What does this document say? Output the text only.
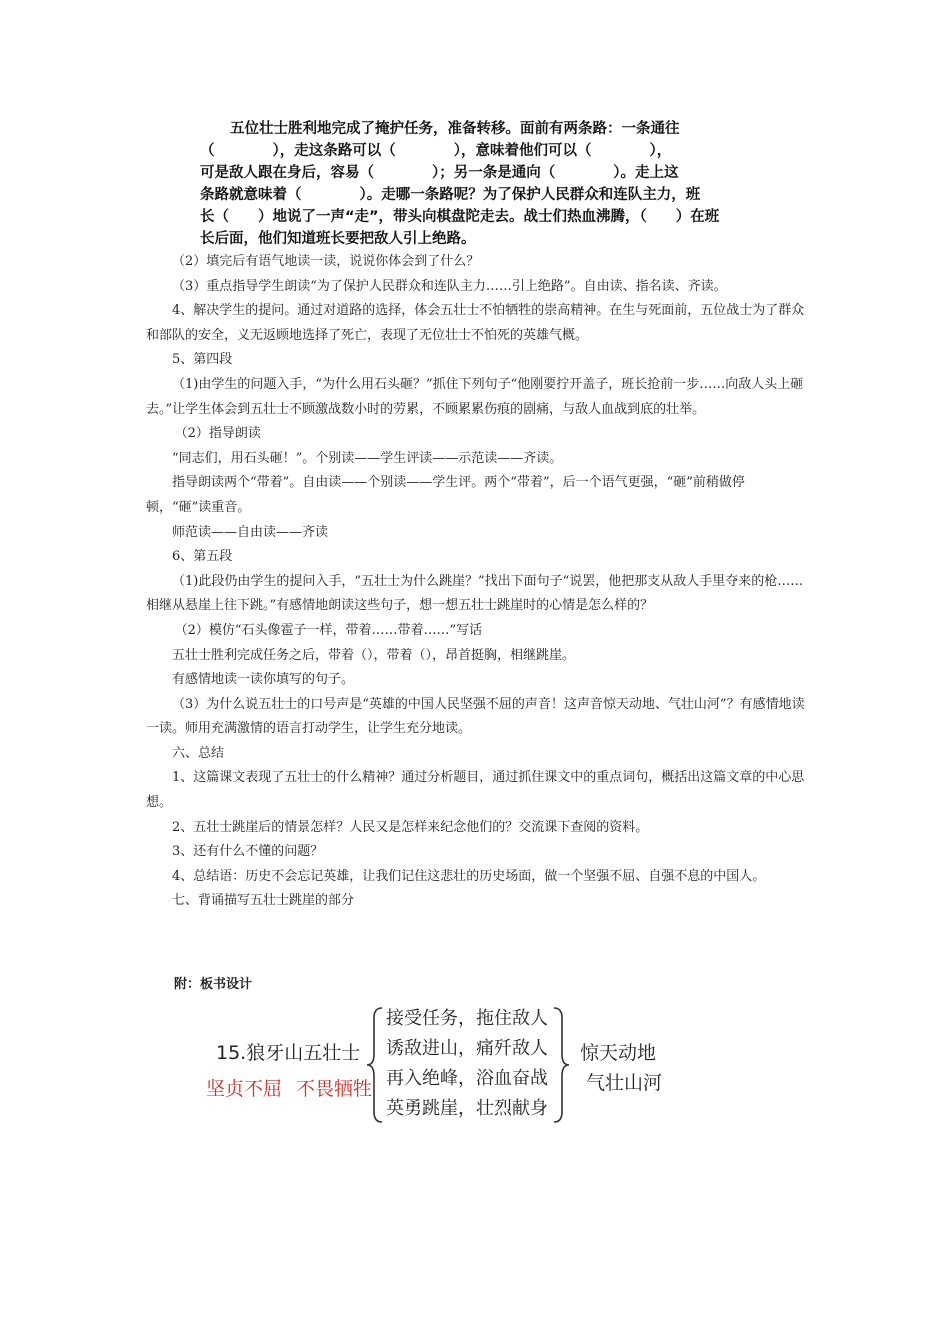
五位壮士胜利地完成了掩护任务，准备转移。面前有两条路：一条通往
（　　　　），走这条路可以（　　　　），意味着他们可以（　　　　），
可是敌人跟在身后，容易（　　　　）；另一条是通向（　　　　）。走上这
条路就意味着（　　　　）。走哪一条路呢？为了保护人民群众和连队主力，班
长（　　）地说了一声“走”，带头向棋盘陀走去。战士们热血沸腾，（　　）在班
长后面，他们知道班长要把敌人引上绝路。

（2）填完后有语气地读一读，说说你体会到了什么？

（3）重点指导学生朗读“为了保护人民群众和连队主力……引上绝路”。自由读、指名读、齐读。

4、解决学生的提问。通过对道路的选择，体会五壮士不怕牺牲的崇高精神。在生与死面前，五位战士为了群众和部队的安全，义无返顾地选择了死亡，表现了无位壮士不怕死的英雄气概。

5、第四段

（1)由学生的问题入手，“为什么用石头砸？”抓住下列句子“他刚要拧开盖子，班长抢前一步……向敌人头上砸去。”让学生体会到五壮士不顾激战数小时的劳累，不顾累累伤痕的剧痛，与敌人血战到底的壮举。

（2）指导朗读

“同志们，用石头砸！”。个别读——学生评读——示范读——齐读。

指导朗读两个“带着”。自由读——个别读——学生评。两个“带着”，后一个语气更强，“砸”前稍做停顿，“砸”读重音。

师范读——自由读——齐读

6、第五段

（1)此段仍由学生的提问入手，“五壮士为什么跳崖？”找出下面句子“说罢，他把那支从敌人手里夺来的枪……相继从悬崖上往下跳。”有感情地朗读这些句子，想一想五壮士跳崖时的心情是怎么样的？

（2）模仿“石头像雹子一样，带着……带着……”写话

五壮士胜利完成任务之后，带着（），带着（），昂首挺胸，相继跳崖。

有感情地读一读你填写的句子。

（3）为什么说五壮士的口号声是“英雄的中国人民坚强不屈的声音！这声音惊天动地、气壮山河”？有感情地读一读。师用充满激情的语言打动学生，让学生充分地读。

六、总结

1、这篇课文表现了五壮士的什么精神？通过分析题目，通过抓住课文中的重点词句，概括出这篇文章的中心思想。

2、五壮士跳崖后的情景怎样？人民又是怎样来纪念他们的？交流课下查阅的资料。

3、还有什么不懂的问题？

4、总结语：历史不会忘记英雄，让我们记住这悲壮的历史场面，做一个坚强不屈、自强不息的中国人。

七、背诵描写五壮士跳崖的部分

附：板书设计
15.狼牙山五壮士
坚贞不屈 不畏牺牲
接受任务，拖住敌人
诱敌进山，痛歼敌人
再入绝峰，浴血奋战
英勇跳崖，壮烈献身
惊天动地
气壮山河
